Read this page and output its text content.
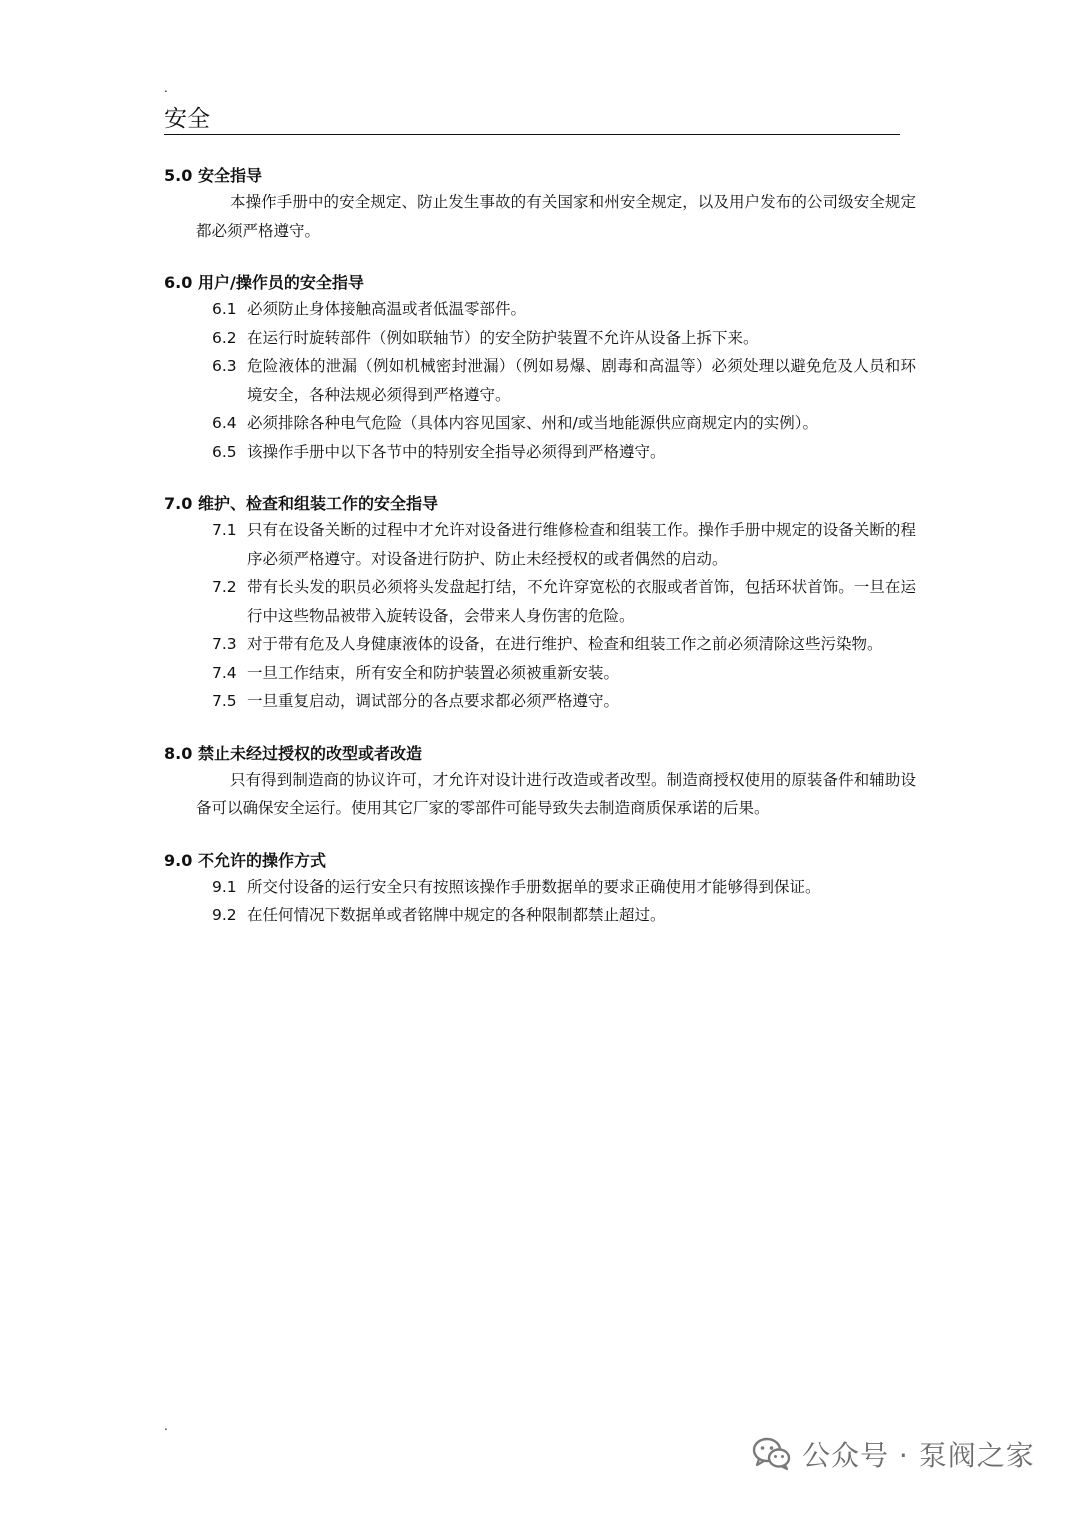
.
安全
5.0 安全指导
本操作手册中的安全规定、防止发生事故的有关国家和州安全规定，以及用户发布的公司级安全规定都必须严格遵守。
6.0 用户/操作员的安全指导
6.1 必须防止身体接触高温或者低温零部件。
6.2 在运行时旋转部件（例如联轴节）的安全防护装置不允许从设备上拆下来。
6.3 危险液体的泄漏（例如机械密封泄漏）（例如易爆、剧毒和高温等）必须处理以避免危及人员和环境安全，各种法规必须得到严格遵守。
6.4 必须排除各种电气危险（具体内容见国家、州和/或当地能源供应商规定内的实例）。
6.5 该操作手册中以下各节中的特别安全指导必须得到严格遵守。
7.0 维护、检查和组装工作的安全指导
7.1 只有在设备关断的过程中才允许对设备进行维修检查和组装工作。操作手册中规定的设备关断的程序必须严格遵守。对设备进行防护、防止未经授权的或者偶然的启动。
7.2 带有长头发的职员必须将头发盘起打结，不允许穿宽松的衣服或者首饰，包括环状首饰。一旦在运行中这些物品被带入旋转设备，会带来人身伤害的危险。
7.3 对于带有危及人身健康液体的设备，在进行维护、检查和组装工作之前必须清除这些污染物。
7.4 一旦工作结束，所有安全和防护装置必须被重新安装。
7.5 一旦重复启动，调试部分的各点要求都必须严格遵守。
8.0 禁止未经过授权的改型或者改造
只有得到制造商的协议许可，才允许对设计进行改造或者改型。制造商授权使用的原装备件和辅助设备可以确保安全运行。使用其它厂家的零部件可能导致失去制造商质保承诺的后果。
9.0 不允许的操作方式
9.1 所交付设备的运行安全只有按照该操作手册数据单的要求正确使用才能够得到保证。
9.2 在任何情况下数据单或者铭牌中规定的各种限制都禁止超过。
.
公众号 · 泵阀之家
